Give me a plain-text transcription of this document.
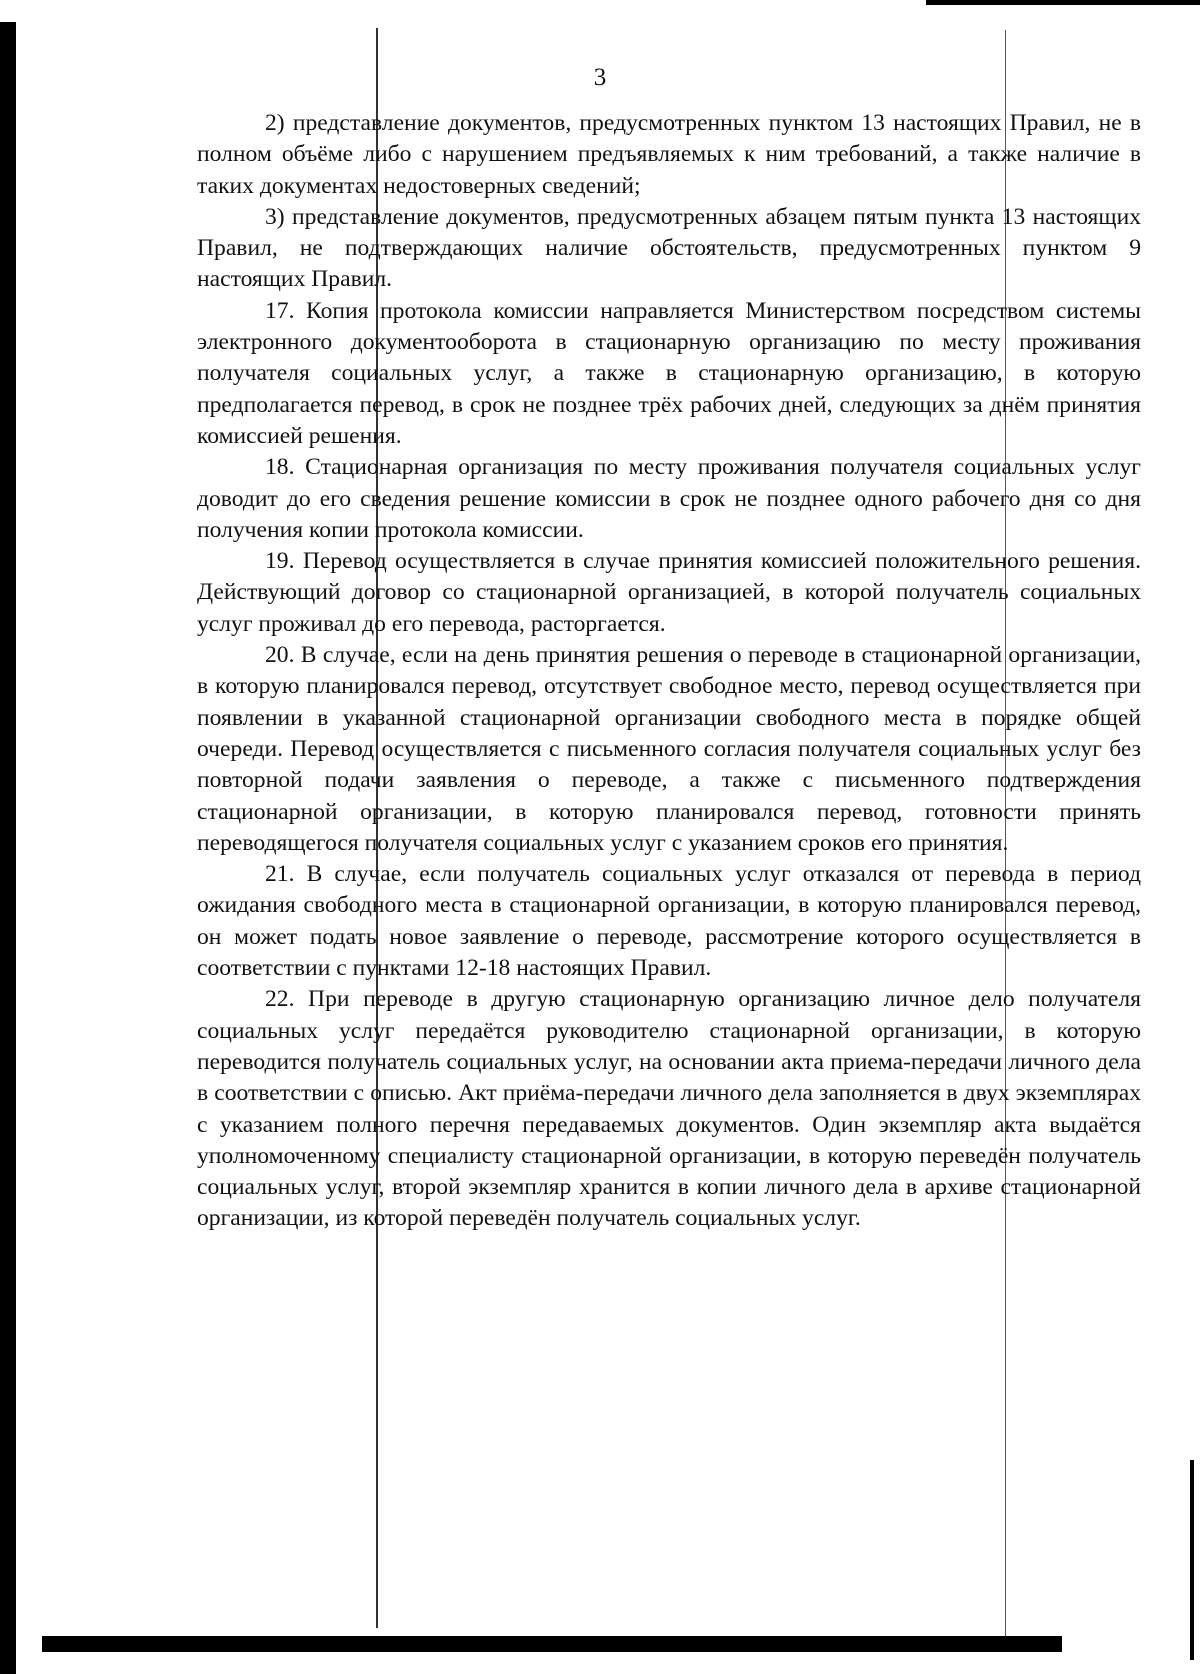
3

2) представление документов, предусмотренных пунктом 13 настоящих Правил, не в полном объёме либо с нарушением предъявляемых к ним требований, а также наличие в таких документах недостоверных сведений;

3) представление документов, предусмотренных абзацем пятым пункта 13 настоящих Правил, не подтверждающих наличие обстоятельств, предусмотренных пунктом 9 настоящих Правил.

17. Копия протокола комиссии направляется Министерством посредством системы электронного документооборота в стационарную организацию по месту проживания получателя социальных услуг, а также в стационарную организацию, в которую предполагается перевод, в срок не позднее трёх рабочих дней, следующих за днём принятия комиссией решения.

18. Стационарная организация по месту проживания получателя социальных услуг доводит до его сведения решение комиссии в срок не позднее одного рабочего дня со дня получения копии протокола комиссии.

19. Перевод осуществляется в случае принятия комиссией положительного решения. Действующий договор со стационарной организацией, в которой получатель социальных услуг проживал до его перевода, расторгается.

20. В случае, если на день принятия решения о переводе в стационарной организации, в которую планировался перевод, отсутствует свободное место, перевод осуществляется при появлении в указанной стационарной организации свободного места в порядке общей очереди. Перевод осуществляется с письменного согласия получателя социальных услуг без повторной подачи заявления о переводе, а также с письменного подтверждения стационарной организации, в которую планировался перевод, готовности принять переводящегося получателя социальных услуг с указанием сроков его принятия.

21. В случае, если получатель социальных услуг отказался от перевода в период ожидания свободного места в стационарной организации, в которую планировался перевод, он может подать новое заявление о переводе, рассмотрение которого осуществляется в соответствии с пунктами 12-18 настоящих Правил.

22. При переводе в другую стационарную организацию личное дело получателя социальных услуг передаётся руководителю стационарной организации, в которую переводится получатель социальных услуг, на основании акта приема-передачи личного дела в соответствии с описью. Акт приёма-передачи личного дела заполняется в двух экземплярах с указанием полного перечня передаваемых документов. Один экземпляр акта выдаётся уполномоченному специалисту стационарной организации, в которую переведён получатель социальных услуг, второй экземпляр хранится в копии личного дела в архиве стационарной организации, из которой переведён получатель социальных услуг.
